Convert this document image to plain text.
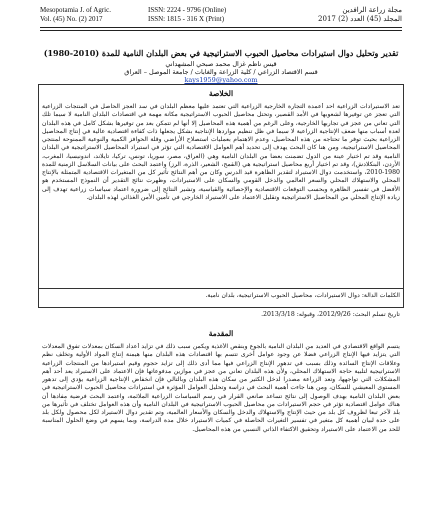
Mesopotamia J. of Agric.
Vol. (45) No. (2) 2017
ISSN: 2224 - 9796 (Online)
ISSN: 1815 - 316 X (Print)
مجلة زراعة الرافدين
المجلد (45) العدد (2) 2017
تقدير وتحليل دوال استيرادات محاصيل الحبوب الاستراتيجية في بعض البلدان النامية للمدة (2010-1980)
قيس ناظم غزال محمد صبحي المشهداني
قسم الاقتصاد الزراعي / كلية الزراعة والغابات / جامعة الموصل – العراق
kays1959@yahoo.com
الخلاصة
تعد الاستيرادات الزراعية احد أعمدة التجارة الخارجية الزراعية التي تعتمد عليها معظم البلدان في سد العجز الحاصل في المنتجات الزراعية التي تعجز عن توفيرها لشعوبها في الأمد القصير، وتحتل محاصيل الحبوب الاستراتيجية مكانة مهمة في اقتصادات البلدان النامية لا سيما تلك التي تعاني من عجز في تجاربها الخارجية، وعلى الرغم من أهمية هذه المحاصيل إلا أنها لم تتمكن بعد من توفيرها بشكل كامل في هذه البلدان لعدة أسباب منها ضعف الإنتاجية الزراعية لا سيما في ظل تنظيم مواردها الإنتاجية بشكل يجعلها ذات كفاءة اقتصادية عالية في إنتاج المحاصيل الزراعية بحيث توفر ما تحتاجه من هذه المحاصيل، وعدم الاهتمام بعمليات استصلاح الأراضي وقلة الحوافز الكمية والنوعية الممنوحة لمنتجي المحاصيل الاستراتيجية، ومن هنا كان البحث يهدف إلى تحديد أهم العوامل الاقتصادية التي تؤثر في استيراد المحاصيل الاستراتيجية في البلدان النامية وقد تم اختيار عينة من الدول تضمنت بعضا من البلدان النامية وهي (العراق، مصر، سوريا، تونس، تركيا، تايلاند، اندونيسيا، المغرب، الأردن، البنكلادش)، وقد تم اختيار أربع محاصيل استراتيجية هي (القمح، الشعير، الذرة، الرز) واعتمد البحث على بيانات السلاسل الزمنية للمدة 1980-2010، واستخدمت دوال الاستيراد لتقدير الظاهرة قيد الدرس وكان من أهم النتائج تأثير كل من المتغيرات الاقتصادية المتمثلة بالإنتاج المحلي والاستهلاك المحلي والسعر العالمي والدخل القومي والسكان على الاستيرادات، وظهرت نتائج التقدير أن النموذج المستخدم هو الأفضل في تفسير الظاهرة وبحسب التوقعات الاقتصادية والإحصائية والقياسية، وتشير النتائج إلى ضرورة اعتماد سياسات زراعية تهدف إلى زيادة الإنتاج المحلي من المحاصيل الاستراتيجية وتقليل الاعتماد على الاستيراد الخارجي في تأمين الأمن الغذائي لهذه البلدان.
الكلمات الدالة: دوال الاستيرادات، محاصيل الحبوب الاستراتيجية، بلدان نامية.
تاريخ تسلم البحث: 2012/9/26، وقبوله: 2013/3/18.
المقدمة
يتسم الواقع الاقتصادي في العديد من البلدان النامية بالجوع وبنقص الأغذية ويكمن سبب ذلك في تزايد أعداد السكان بمعدلات تفوق المعدلات التي يتزايد فيها الإنتاج الزراعي فضلا عن وجود عوامل أخرى تتسم بها اقتصادات هذه البلدان منها هيمنة إنتاج المواد الأولية وتخلف نظم وعلاقات الإنتاج السائدة وذلك بسبب في تدهور الإنتاج الزراعي فيها مما أدى ذلك إلى تزايد حجوم وقيم استيرادها من المنتجات الزراعية الاستراتيجية لتلبية حاجة الاستهلاك المحلي، ولأن هذه البلدان تعاني من عجز في موازين مدفوعاتها فإن الاعتماد على الاستيراد يعد أحد أهم المشكلات التي تواجهها، وتعد الزراعة مصدرا لدخل الكثير من سكان هذه البلدان وبالتالي فإن انخفاض الإنتاجية الزراعية يؤدي إلى تدهور المستوى المعيشي للسكان، ومن هنا جاءت أهمية البحث في دراسة وتحليل العوامل المؤثرة في استيرادات محاصيل الحبوب الاستراتيجية في بعض البلدان النامية بهدف الوصول إلى نتائج تساعد صانعي القرار في رسم السياسات الزراعية الملائمة، واعتمد البحث فرضية مفادها أن هناك عوامل اقتصادية تؤثر في حجم الاستيرادات من محاصيل الحبوب الاستراتيجية في البلدان النامية وأن هذه العوامل تختلف في تأثيرها من بلد لآخر تبعا لظروف كل بلد من حيث الإنتاج والاستهلاك والدخل والسكان والأسعار العالمية، وتم تقدير دوال الاستيراد لكل محصول ولكل بلد على حدة لبيان أهمية كل متغير في تفسير التغيرات الحاصلة في كميات الاستيراد خلال مدة الدراسة، وبما يسهم في وضع الحلول المناسبة للحد من الاعتماد على الاستيراد وتحقيق الاكتفاء الذاتي النسبي من هذه المحاصيل.
